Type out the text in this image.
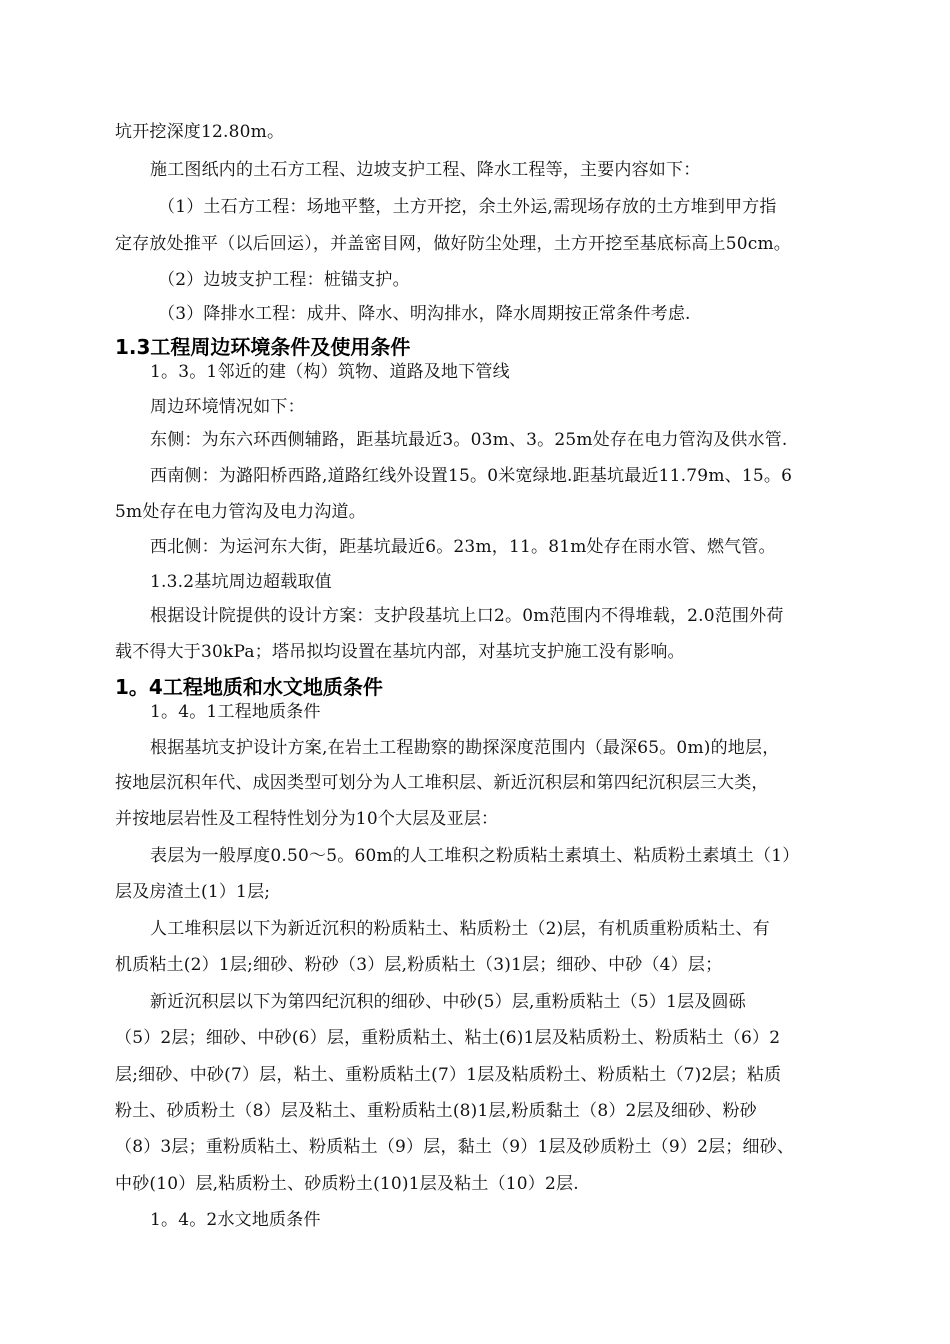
坑开挖深度12.80m。
施工图纸内的土石方工程、边坡支护工程、降水工程等，主要内容如下：
（1）土石方工程：场地平整，土方开挖，余土外运,需现场存放的土方堆到甲方指
定存放处推平（以后回运），并盖密目网，做好防尘处理，土方开挖至基底标高上50cm。
（2）边坡支护工程：桩锚支护。
（3）降排水工程：成井、降水、明沟排水，降水周期按正常条件考虑.
1.3工程周边环境条件及使用条件
1。3。1邻近的建（构）筑物、道路及地下管线
周边环境情况如下：
东侧：为东六环西侧辅路，距基坑最近3。03m、3。25m处存在电力管沟及供水管.
西南侧：为潞阳桥西路,道路红线外设置15。0米宽绿地.距基坑最近11.79m、15。6
5m处存在电力管沟及电力沟道。
西北侧：为运河东大街，距基坑最近6。23m，11。81m处存在雨水管、燃气管。
1.3.2基坑周边超载取值
根据设计院提供的设计方案：支护段基坑上口2。0m范围内不得堆载，2.0范围外荷
载不得大于30kPa；塔吊拟均设置在基坑内部，对基坑支护施工没有影响。
1。4工程地质和水文地质条件
1。4。1工程地质条件
根据基坑支护设计方案,在岩土工程勘察的勘探深度范围内（最深65。0m)的地层，
按地层沉积年代、成因类型可划分为人工堆积层、新近沉积层和第四纪沉积层三大类，
并按地层岩性及工程特性划分为10个大层及亚层：
表层为一般厚度0.50～5。60m的人工堆积之粉质粘土素填土、粘质粉土素填土（1）
层及房渣土(1）1层;
人工堆积层以下为新近沉积的粉质粘土、粘质粉土（2)层，有机质重粉质粘土、有
机质粘土(2）1层;细砂、粉砂（3）层,粉质粘土（3)1层；细砂、中砂（4）层；
新近沉积层以下为第四纪沉积的细砂、中砂(5）层,重粉质粘土（5）1层及圆砾
（5）2层；细砂、中砂(6）层，重粉质粘土、粘土(6)1层及粘质粉土、粉质粘土（6）2
层;细砂、中砂(7）层，粘土、重粉质粘土(7）1层及粘质粉土、粉质粘土（7)2层；粘质
粉土、砂质粉土（8）层及粘土、重粉质粘土(8)1层,粉质黏土（8）2层及细砂、粉砂
（8）3层；重粉质粘土、粉质粘土（9）层，黏土（9）1层及砂质粉土（9）2层；细砂、
中砂(10）层,粘质粉土、砂质粉土(10)1层及粘土（10）2层.
1。4。2水文地质条件
